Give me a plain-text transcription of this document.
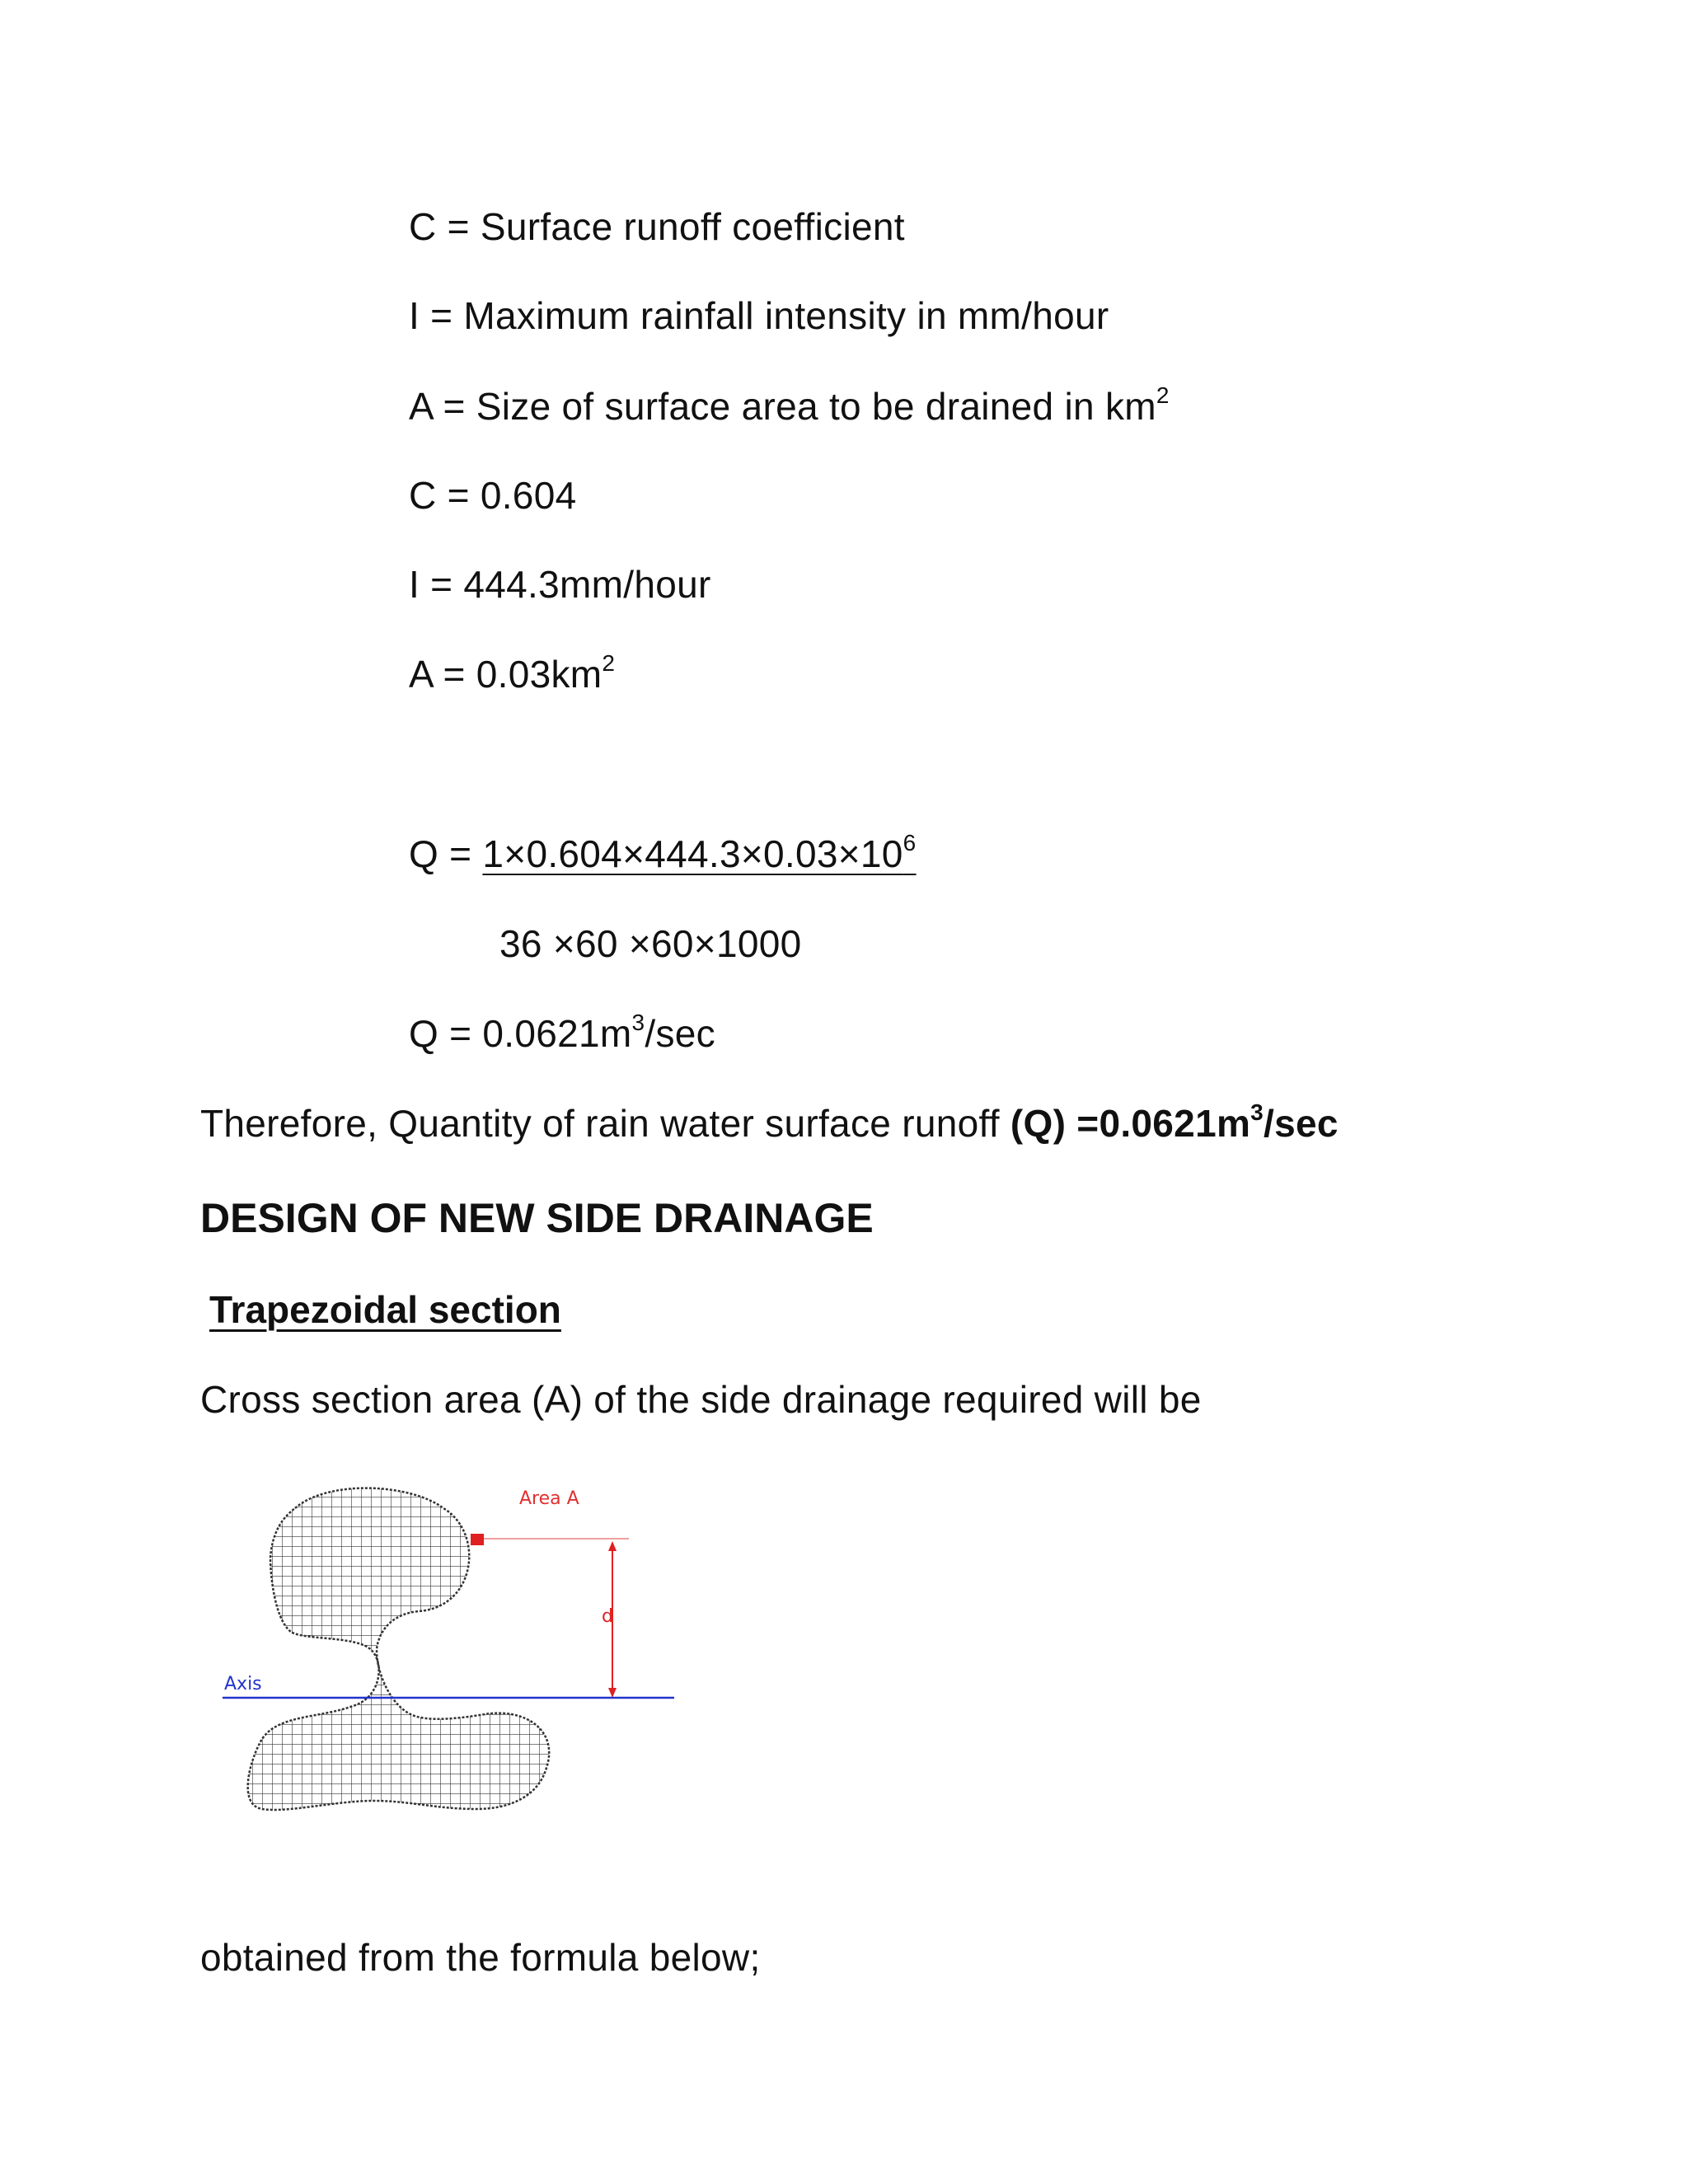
C = Surface runoff coefficient
I = Maximum rainfall intensity in mm/hour
A = Size of surface area to be drained in $km^2$
C = 0.604
I = 444.3mm/hour
$A = 0.03km^2$
$Q = 1\times 0.604\times 444.3\times 0.03\times 10^6$
36 ×60 ×60×1000
$Q = 0.0621m^3/\sec$
Therefore, Quantity of rain water surface runoff $(Q) =0.0621m^3/\sec$
DESIGN OF NEW SIDE DRAINAGE
Trapezoidal section
Cross section area (A) of the side drainage required will be
d
Axis
Area A
obtained from the formula below;
